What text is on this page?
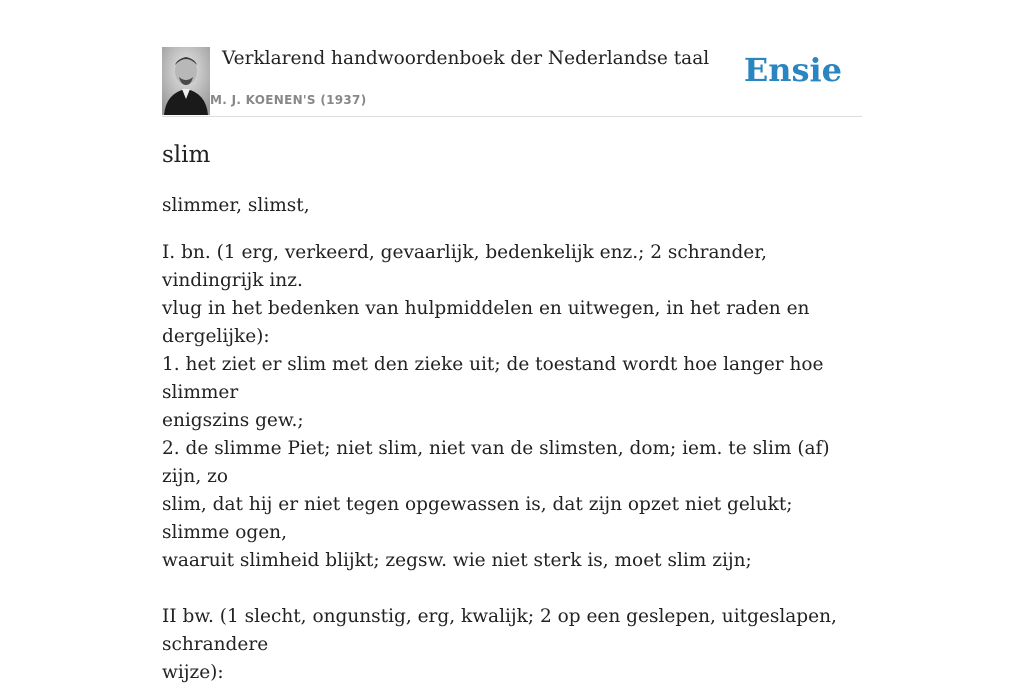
Verklarend handwoordenboek der Nederlandse taal
M. J. KOENEN'S (1937)
Ensie
slim

slimmer, slimst,

I. bn. (1 erg, verkeerd, gevaarlijk, bedenkelijk enz.; 2 schrander, vindingrijk inz.

vlug in het bedenken van hulpmiddelen en uitwegen, in het raden en dergelijke):

1. het ziet er slim met den zieke uit; de toestand wordt hoe langer hoe slimmer

enigszins gew.;

2. de slimme Piet; niet slim, niet van de slimsten, dom; iem. te slim (af) zijn, zo

slim, dat hij er niet tegen opgewassen is, dat zijn opzet niet gelukt; slimme ogen,

waaruit slimheid blijkt; zegsw. wie niet sterk is, moet slim zijn;

II bw. (1 slecht, ongunstig, erg, kwalijk; 2 op een geslepen, uitgeslapen, schrandere

wijze):
